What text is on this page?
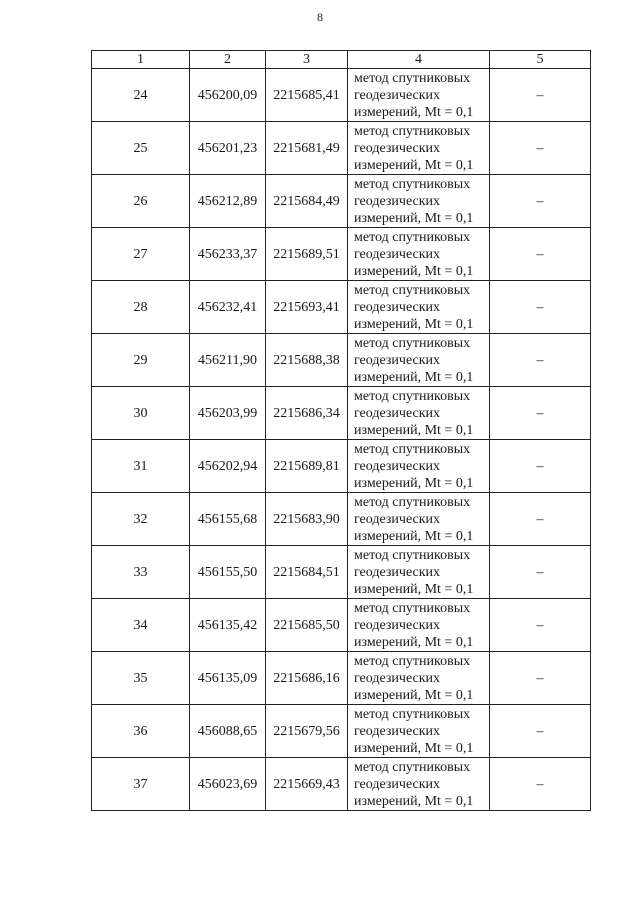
8
1	2	3	4	5
24	456200,09	2215685,41	метод спутниковых
геодезических
измерений, Mt = 0,1	–
25	456201,23	2215681,49	метод спутниковых
геодезических
измерений, Mt = 0,1	–
26	456212,89	2215684,49	метод спутниковых
геодезических
измерений, Mt = 0,1	–
27	456233,37	2215689,51	метод спутниковых
геодезических
измерений, Mt = 0,1	–
28	456232,41	2215693,41	метод спутниковых
геодезических
измерений, Mt = 0,1	–
29	456211,90	2215688,38	метод спутниковых
геодезических
измерений, Mt = 0,1	–
30	456203,99	2215686,34	метод спутниковых
геодезических
измерений, Mt = 0,1	–
31	456202,94	2215689,81	метод спутниковых
геодезических
измерений, Mt = 0,1	–
32	456155,68	2215683,90	метод спутниковых
геодезических
измерений, Mt = 0,1	–
33	456155,50	2215684,51	метод спутниковых
геодезических
измерений, Mt = 0,1	–
34	456135,42	2215685,50	метод спутниковых
геодезических
измерений, Mt = 0,1	–
35	456135,09	2215686,16	метод спутниковых
геодезических
измерений, Mt = 0,1	–
36	456088,65	2215679,56	метод спутниковых
геодезических
измерений, Mt = 0,1	–
37	456023,69	2215669,43	метод спутниковых
геодезических
измерений, Mt = 0,1	–
